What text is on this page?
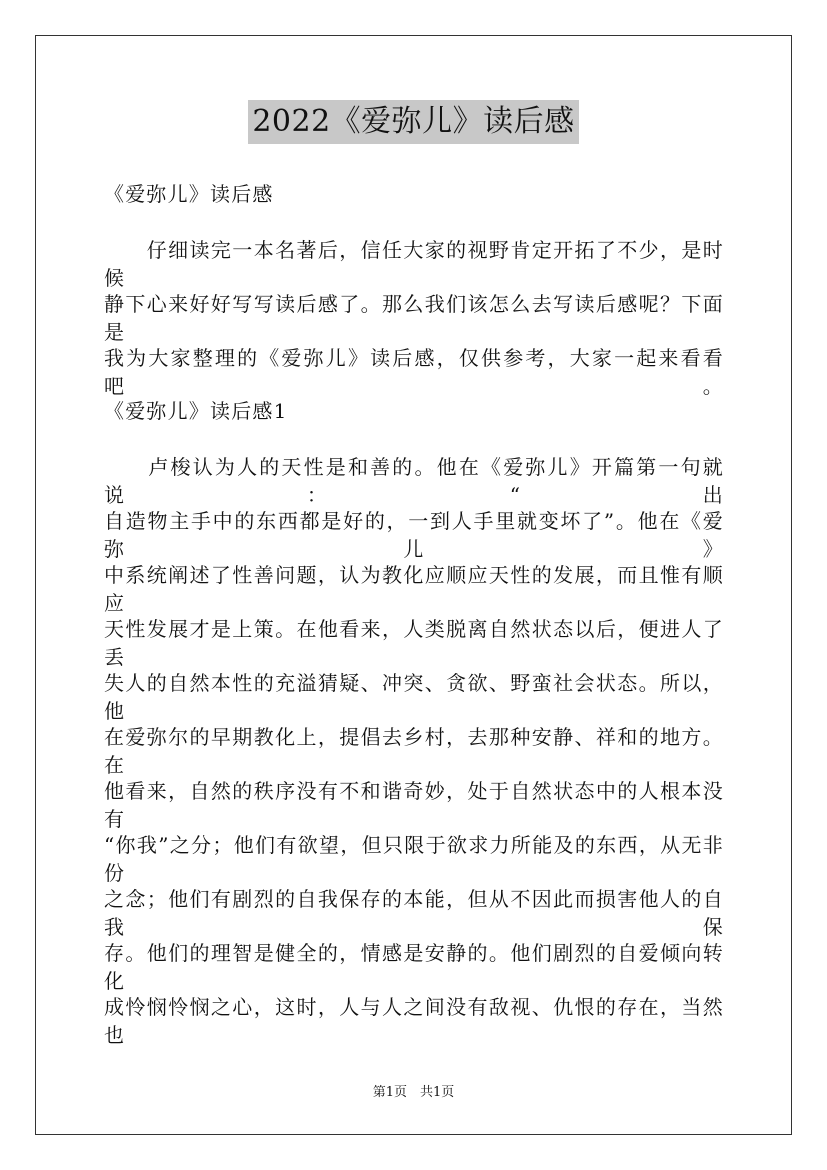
2022《爱弥儿》读后感
《爱弥儿》读后感
　　仔细读完一本名著后，信任大家的视野肯定开拓了不少，是时候
静下心来好好写写读后感了。那么我们该怎么去写读后感呢？下面是
我为大家整理的《爱弥儿》读后感，仅供参考，大家一起来看看吧。
《爱弥儿》读后感1
　　卢梭认为人的天性是和善的。他在《爱弥儿》开篇第一句就说：“出
自造物主手中的东西都是好的，一到人手里就变坏了”。他在《爱弥儿》
中系统阐述了性善问题，认为教化应顺应天性的发展，而且惟有顺应
天性发展才是上策。在他看来，人类脱离自然状态以后，便进人了丢
失人的自然本性的充溢猜疑、冲突、贪欲、野蛮社会状态。所以，他
在爱弥尔的早期教化上，提倡去乡村，去那种安静、祥和的地方。在
他看来，自然的秩序没有不和谐奇妙，处于自然状态中的人根本没有
“你我”之分；他们有欲望，但只限于欲求力所能及的东西，从无非份
之念；他们有剧烈的自我保存的本能，但从不因此而损害他人的自我保
存。他们的理智是健全的，情感是安静的。他们剧烈的自爱倾向转化
成怜悯怜悯之心，这时，人与人之间没有敌视、仇恨的存在，当然也
第1页　共1页
